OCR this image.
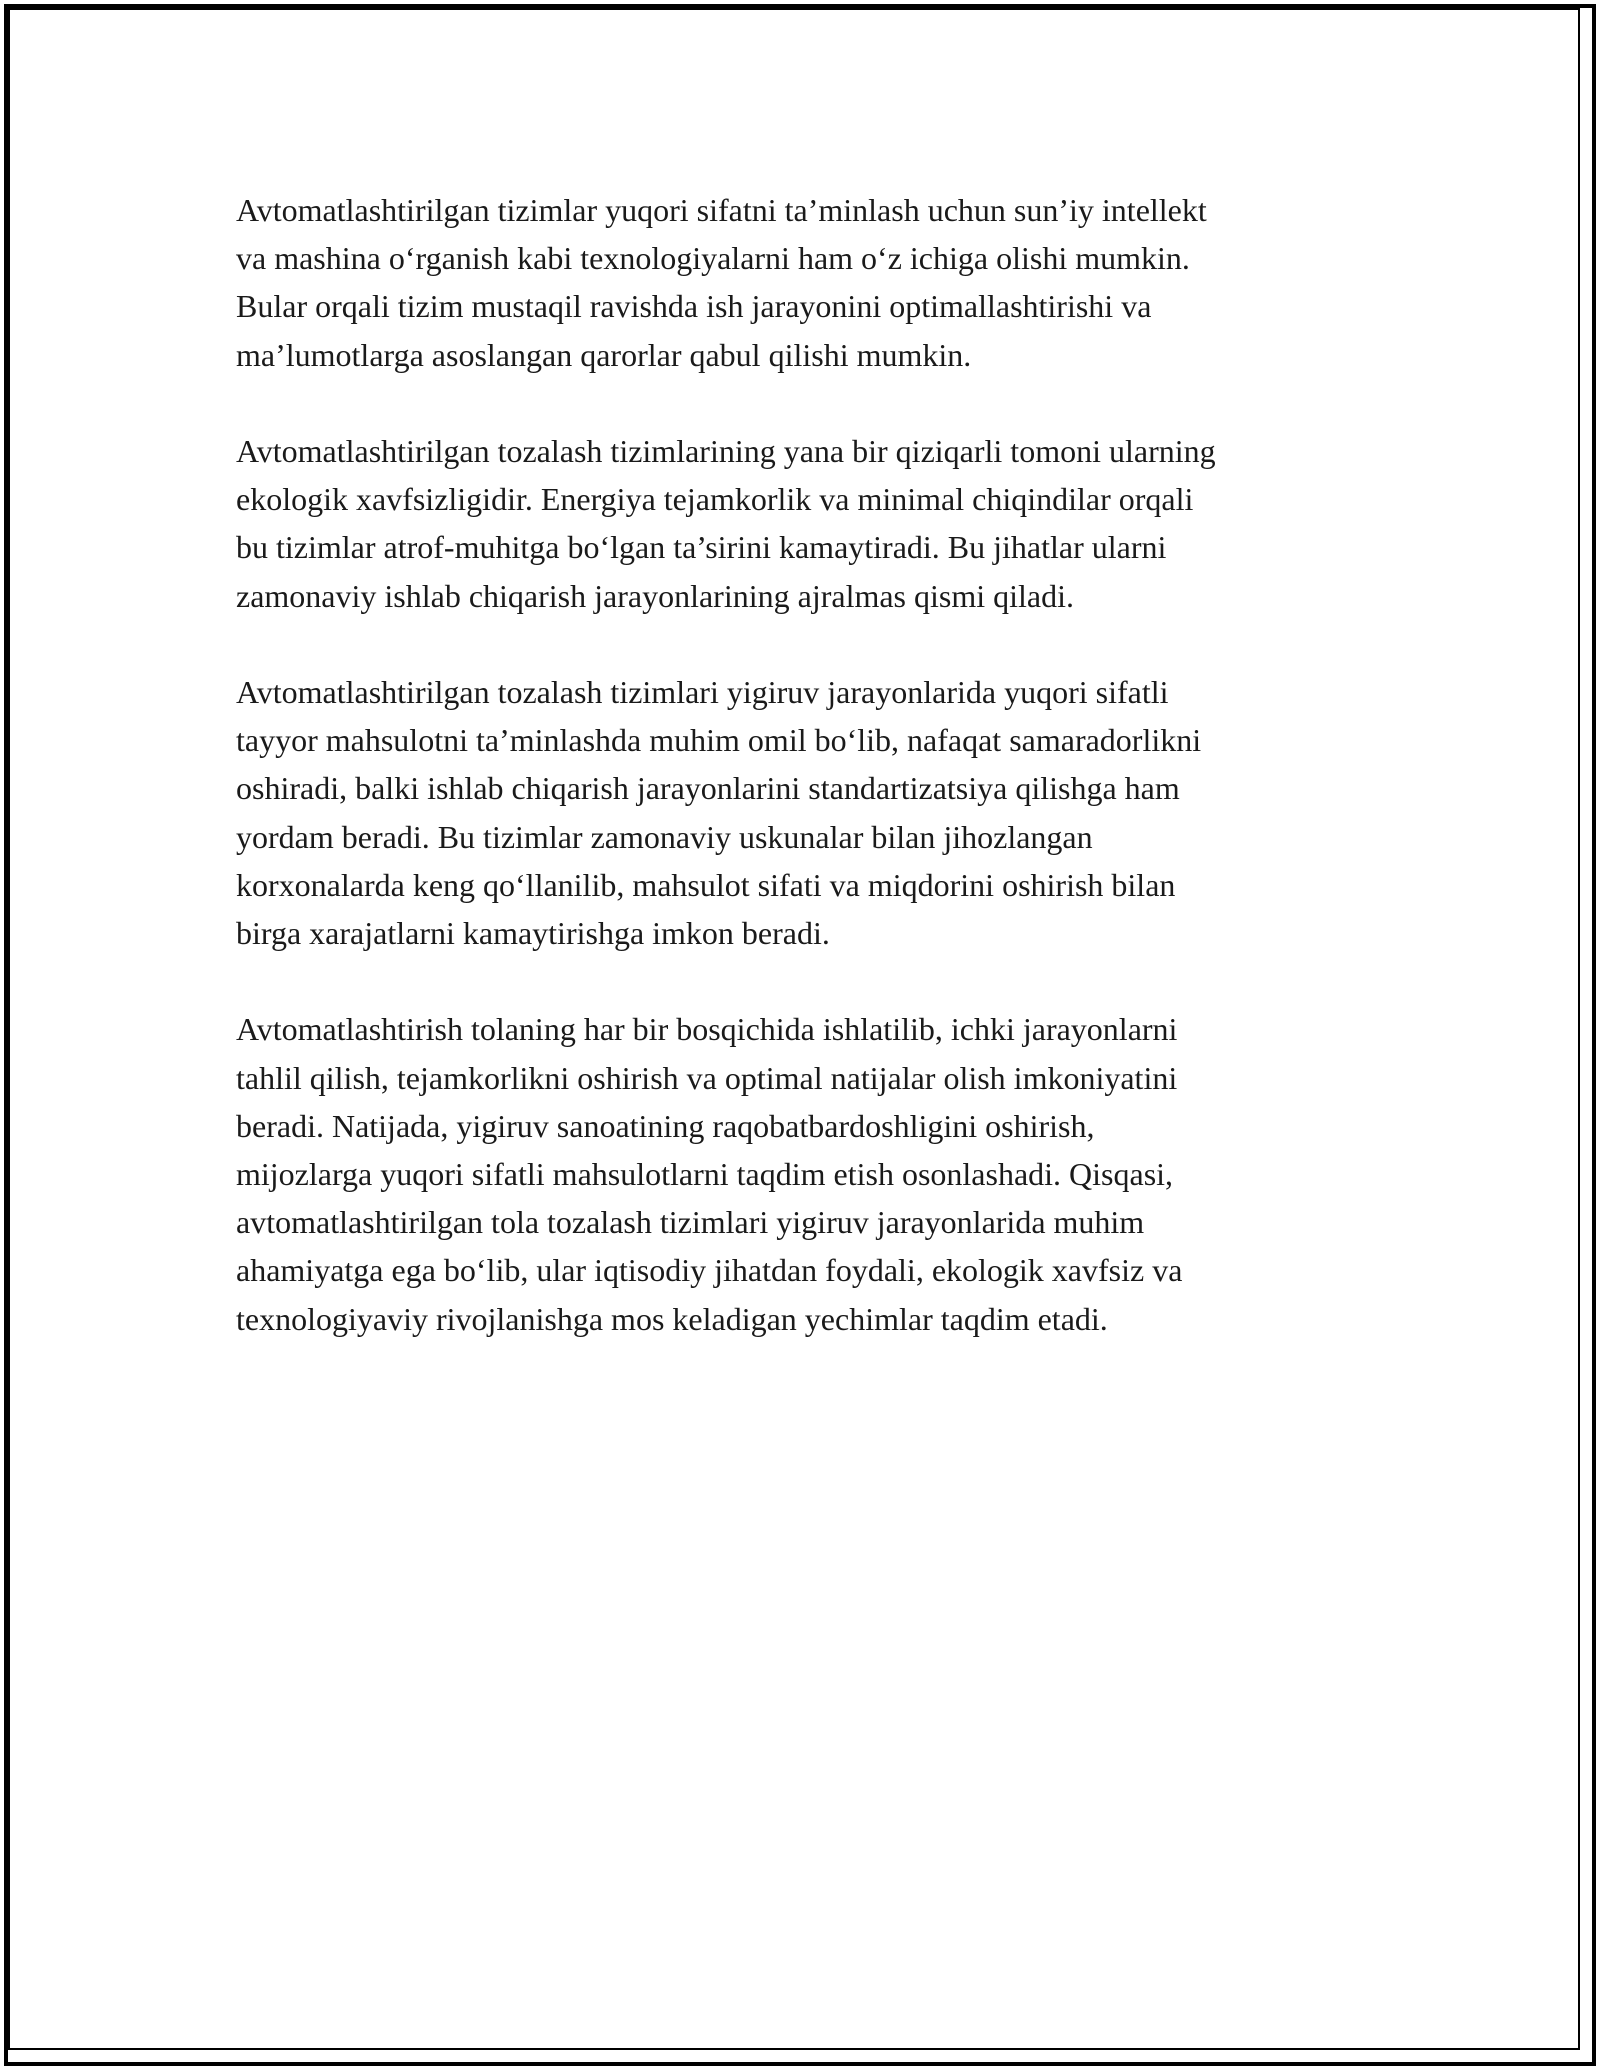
Avtomatlashtirilgan tizimlar yuqori sifatni ta’minlash uchun sun’iy intellekt
va mashina o‘rganish kabi texnologiyalarni ham o‘z ichiga olishi mumkin.
Bular orqali tizim mustaqil ravishda ish jarayonini optimallashtirishi va
ma’lumotlarga asoslangan qarorlar qabul qilishi mumkin.

Avtomatlashtirilgan tozalash tizimlarining yana bir qiziqarli tomoni ularning
ekologik xavfsizligidir. Energiya tejamkorlik va minimal chiqindilar orqali
bu tizimlar atrof-muhitga bo‘lgan ta’sirini kamaytiradi. Bu jihatlar ularni
zamonaviy ishlab chiqarish jarayonlarining ajralmas qismi qiladi.

Avtomatlashtirilgan tozalash tizimlari yigiruv jarayonlarida yuqori sifatli
tayyor mahsulotni ta’minlashda muhim omil bo‘lib, nafaqat samaradorlikni
oshiradi, balki ishlab chiqarish jarayonlarini standartizatsiya qilishga ham
yordam beradi. Bu tizimlar zamonaviy uskunalar bilan jihozlangan
korxonalarda keng qo‘llanilib, mahsulot sifati va miqdorini oshirish bilan
birga xarajatlarni kamaytirishga imkon beradi.

Avtomatlashtirish tolaning har bir bosqichida ishlatilib, ichki jarayonlarni
tahlil qilish, tejamkorlikni oshirish va optimal natijalar olish imkoniyatini
beradi. Natijada, yigiruv sanoatining raqobatbardoshligini oshirish,
mijozlarga yuqori sifatli mahsulotlarni taqdim etish osonlashadi. Qisqasi,
avtomatlashtirilgan tola tozalash tizimlari yigiruv jarayonlarida muhim
ahamiyatga ega bo‘lib, ular iqtisodiy jihatdan foydali, ekologik xavfsiz va
texnologiyaviy rivojlanishga mos keladigan yechimlar taqdim etadi.
